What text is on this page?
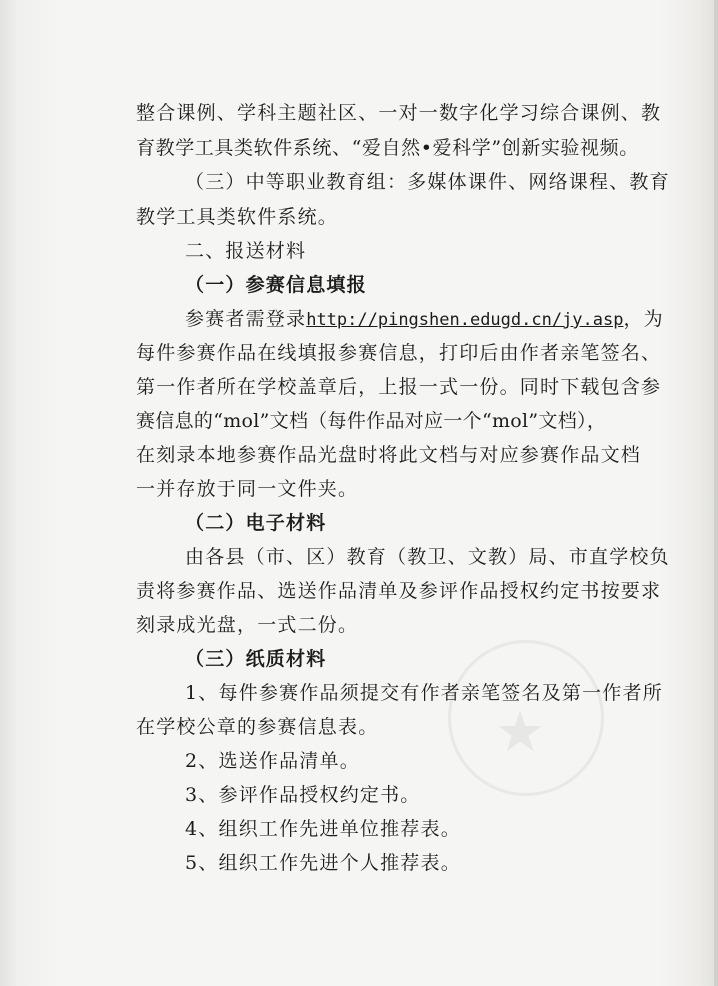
★
整合课例、学科主题社区、一对一数字化学习综合课例、教
育教学工具类软件系统、“爱自然•爱科学”创新实验视频。
（三）中等职业教育组：多媒体课件、网络课程、教育
教学工具类软件系统。
二、报送材料
（一）参赛信息填报
参赛者需登录http://pingshen.edugd.cn/jy.asp，为
每件参赛作品在线填报参赛信息，打印后由作者亲笔签名、
第一作者所在学校盖章后，上报一式一份。同时下载包含参
赛信息的“mol”文档（每件作品对应一个“mol”文档），
在刻录本地参赛作品光盘时将此文档与对应参赛作品文档
一并存放于同一文件夹。
（二）电子材料
由各县（市、区）教育（教卫、文教）局、市直学校负
责将参赛作品、选送作品清单及参评作品授权约定书按要求
刻录成光盘，一式二份。
（三）纸质材料
1、每件参赛作品须提交有作者亲笔签名及第一作者所
在学校公章的参赛信息表。
2、选送作品清单。
3、参评作品授权约定书。
4、组织工作先进单位推荐表。
5、组织工作先进个人推荐表。
